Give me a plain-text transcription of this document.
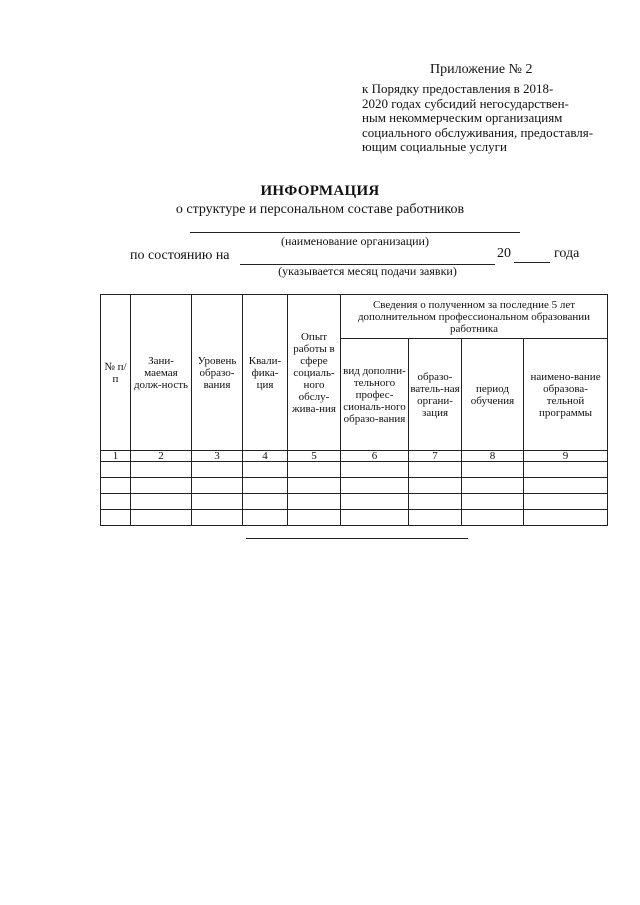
Приложение № 2
к Порядку предоставления в 2018-
2020 годах субсидий негосударствен-
ным некоммерческим организациям
социального обслуживания, предоставля-
ющим социальные услуги
ИНФОРМАЦИЯ
о структуре и персональном составе работников
(наименование организации)
по состоянию на	20	года
(указывается месяц подачи заявки)
№ п/п	Зани-маемая долж-ность	Уровень образо-вания	Квали-фика-ция	Опыт работы в сфере социаль-ного обслу-жива-ния	Сведения о полученном за последние 5 лет дополнительном профессиональном образовании работника			
					вид дополни-тельного профес-сиональ-ного образо-вания	образо-ватель-ная органи-зация	период обучения	наимено-вание образова-тельной программы
1	2	3	4	5	6	7	8	9
